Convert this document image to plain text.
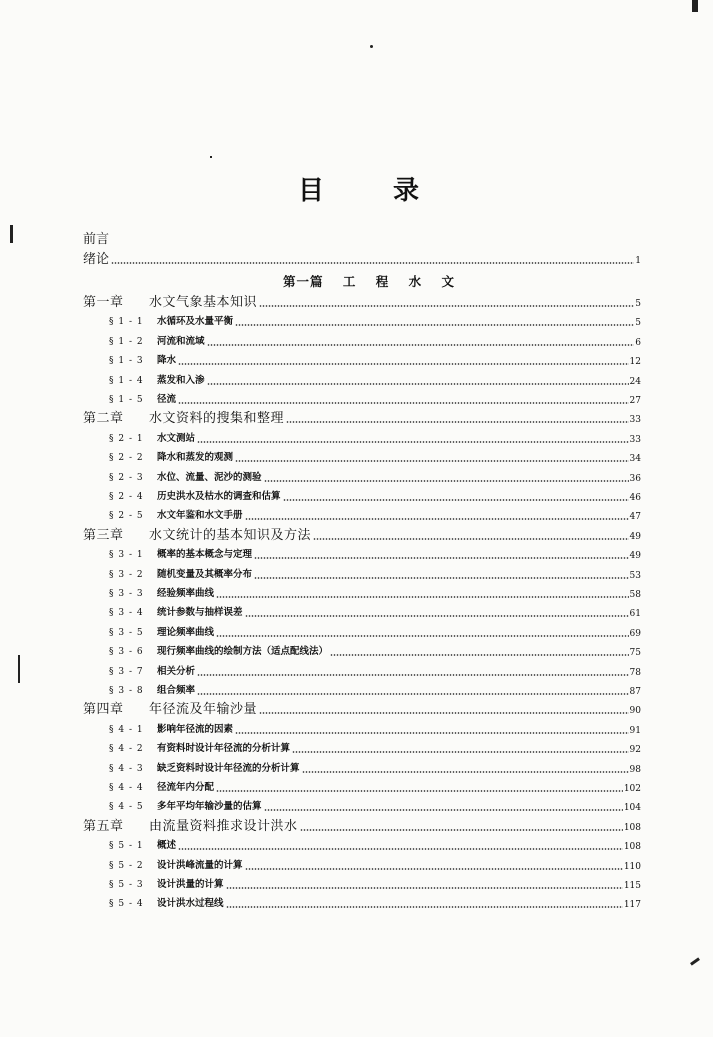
目	录
前言
绪论	1
第一篇 工 程 水 文
第一章 水文气象基本知识	5
§ 1 - 1	水循环及水量平衡	5
§ 1 - 2	河流和流域	6
§ 1 - 3	降水	12
§ 1 - 4	蒸发和入渗	24
§ 1 - 5	径流	27
第二章 水文资料的搜集和整理	33
§ 2 - 1	水文测站	33
§ 2 - 2	降水和蒸发的观测	34
§ 2 - 3	水位、流量、泥沙的测验	36
§ 2 - 4	历史洪水及枯水的调查和估算	46
§ 2 - 5	水文年鉴和水文手册	47
第三章 水文统计的基本知识及方法	49
§ 3 - 1	概率的基本概念与定理	49
§ 3 - 2	随机变量及其概率分布	53
§ 3 - 3	经验频率曲线	58
§ 3 - 4	统计参数与抽样误差	61
§ 3 - 5	理论频率曲线	69
§ 3 - 6	现行频率曲线的绘制方法（适点配线法）	75
§ 3 - 7	相关分析	78
§ 3 - 8	组合频率	87
第四章 年径流及年输沙量	90
§ 4 - 1	影响年径流的因素	91
§ 4 - 2	有资料时设计年径流的分析计算	92
§ 4 - 3	缺乏资料时设计年径流的分析计算	98
§ 4 - 4	径流年内分配	102
§ 4 - 5	多年平均年输沙量的估算	104
第五章 由流量资料推求设计洪水	108
§ 5 - 1	概述	108
§ 5 - 2	设计洪峰流量的计算	110
§ 5 - 3	设计洪量的计算	115
§ 5 - 4	设计洪水过程线	117
